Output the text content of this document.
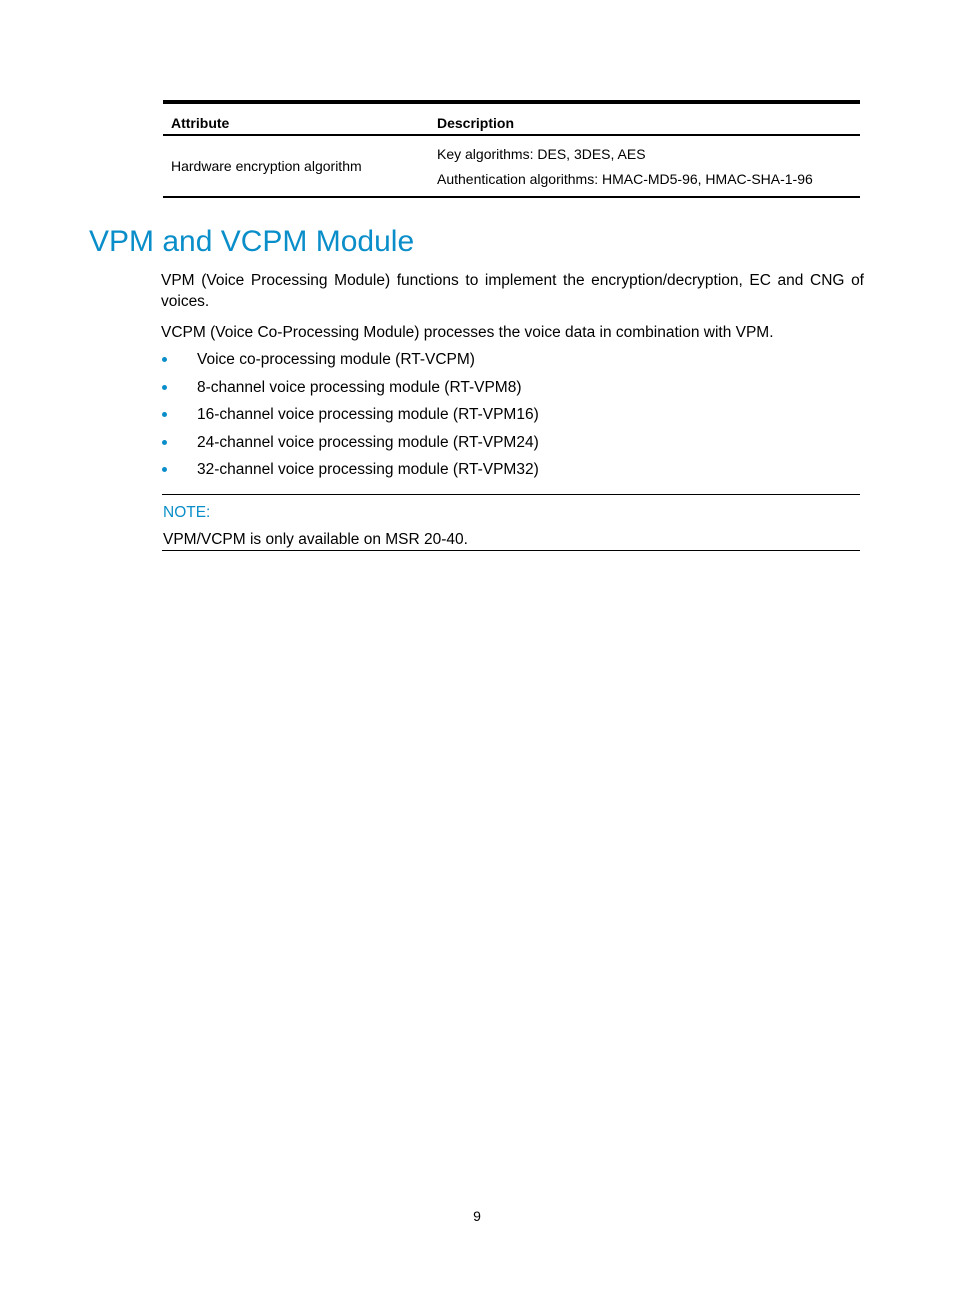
Attribute	Description
Hardware encryption algorithm	Key algorithms: DES, 3DES, AES
Authentication algorithms: HMAC-MD5-96, HMAC-SHA-1-96
VPM and VCPM Module

VPM (Voice Processing Module) functions to implement the encryption/decryption, EC and CNG of voices.

VCPM (Voice Co-Processing Module) processes the voice data in combination with VPM.

Voice co-processing module (RT-VCPM)
8-channel voice processing module (RT-VPM8)
16-channel voice processing module (RT-VPM16)
24-channel voice processing module (RT-VPM24)
32-channel voice processing module (RT-VPM32)
NOTE:
VPM/VCPM is only available on MSR 20-40.
9
